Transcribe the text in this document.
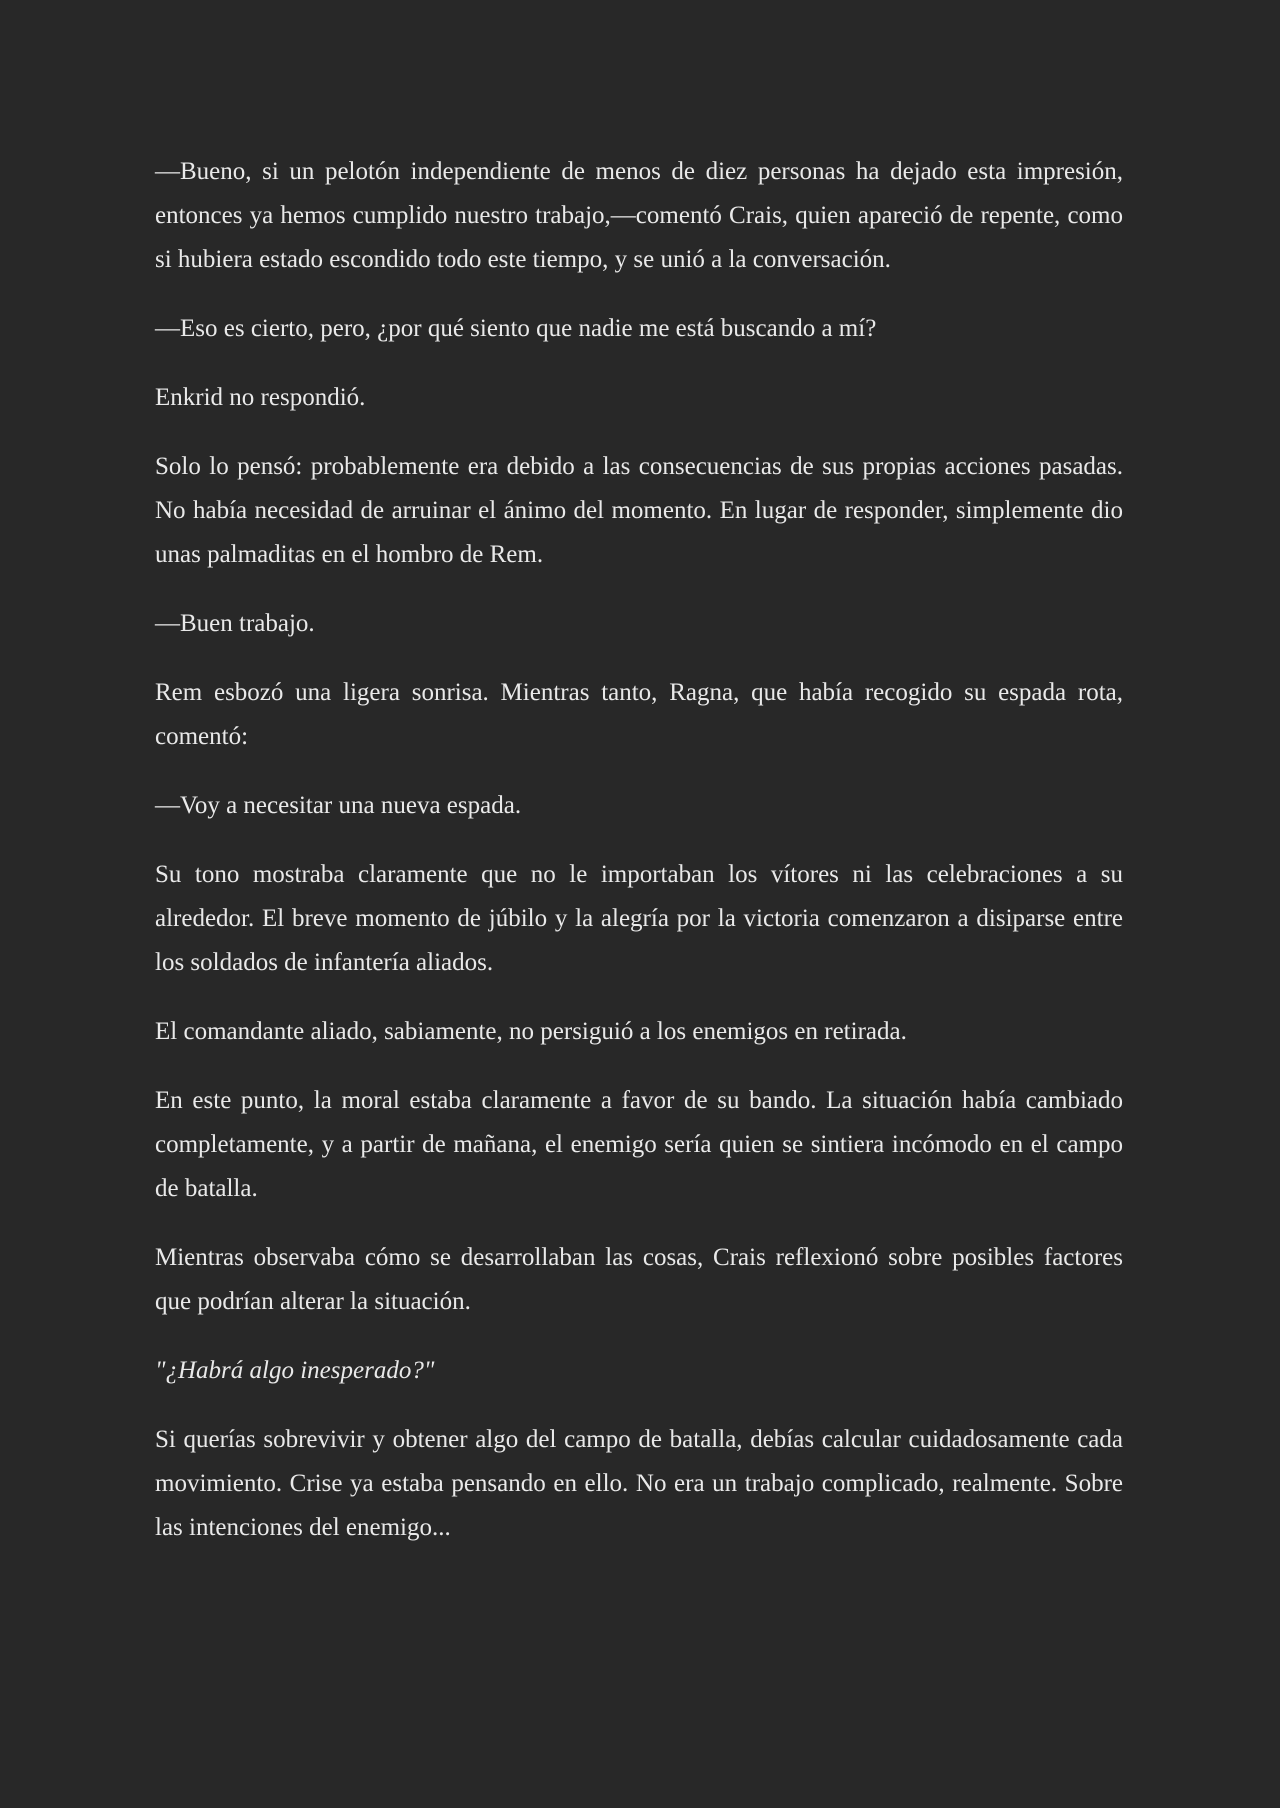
—Bueno, si un pelotón independiente de menos de diez personas ha dejado esta impresión, entonces ya hemos cumplido nuestro trabajo,—comentó Crais, quien apareció de repente, como si hubiera estado escondido todo este tiempo, y se unió a la conversación.

—Eso es cierto, pero, ¿por qué siento que nadie me está buscando a mí?

Enkrid no respondió.

Solo lo pensó: probablemente era debido a las consecuencias de sus propias acciones pasadas. No había necesidad de arruinar el ánimo del momento. En lugar de responder, simplemente dio unas palmaditas en el hombro de Rem.

—Buen trabajo.

Rem esbozó una ligera sonrisa. Mientras tanto, Ragna, que había recogido su espada rota, comentó:

—Voy a necesitar una nueva espada.

Su tono mostraba claramente que no le importaban los vítores ni las celebraciones a su alrededor. El breve momento de júbilo y la alegría por la victoria comenzaron a disiparse entre los soldados de infantería aliados.

El comandante aliado, sabiamente, no persiguió a los enemigos en retirada.

En este punto, la moral estaba claramente a favor de su bando. La situación había cambiado completamente, y a partir de mañana, el enemigo sería quien se sintiera incómodo en el campo de batalla.

Mientras observaba cómo se desarrollaban las cosas, Crais reflexionó sobre posibles factores que podrían alterar la situación.

"¿Habrá algo inesperado?"

Si querías sobrevivir y obtener algo del campo de batalla, debías calcular cuidadosamente cada movimiento. Crise ya estaba pensando en ello. No era un trabajo complicado, realmente. Sobre las intenciones del enemigo...
